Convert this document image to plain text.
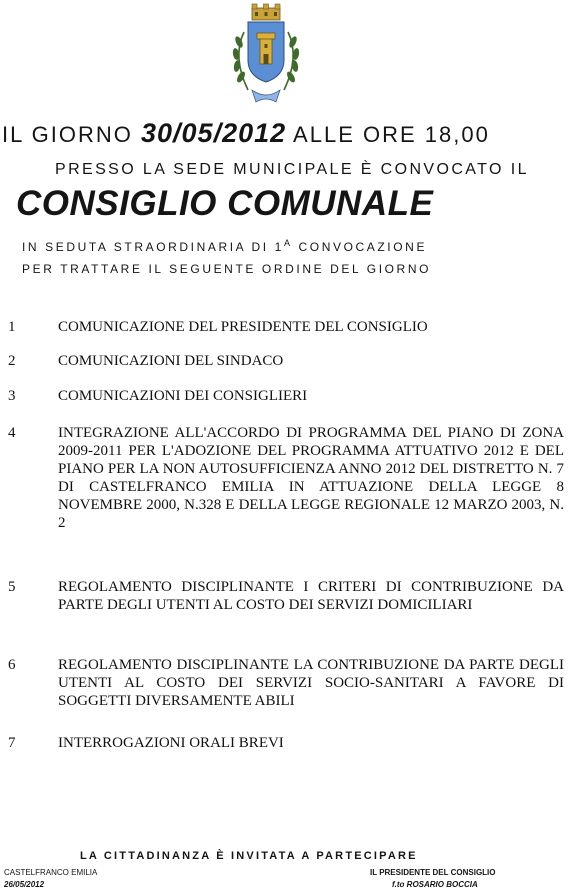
IL GIORNO 30/05/2012 ALLE ORE 18,00
PRESSO LA SEDE MUNICIPALE È CONVOCATO IL
CONSIGLIO COMUNALE
IN SEDUTA STRAORDINARIA DI $1^A$ CONVOCAZIONE
PER TRATTARE IL SEGUENTE ORDINE DEL GIORNO
1	COMUNICAZIONE DEL PRESIDENTE DEL CONSIGLIO
2	COMUNICAZIONI DEL SINDACO
3	COMUNICAZIONI DEI CONSIGLIERI
4	INTEGRAZIONE ALL'ACCORDO DI PROGRAMMA DEL PIANO DI ZONA 2009-2011 PER L'ADOZIONE DEL PROGRAMMA ATTUATIVO 2012 E DEL PIANO PER LA NON AUTOSUFFICIENZA ANNO 2012 DEL DISTRETTO N. 7 DI CASTELFRANCO EMILIA IN ATTUAZIONE DELLA LEGGE 8 NOVEMBRE 2000, N.328 E DELLA LEGGE REGIONALE 12 MARZO 2003, N. 2
5	REGOLAMENTO DISCIPLINANTE I CRITERI DI CONTRIBUZIONE DA PARTE DEGLI UTENTI AL COSTO DEI SERVIZI DOMICILIARI
6	REGOLAMENTO DISCIPLINANTE LA CONTRIBUZIONE DA PARTE DEGLI UTENTI AL COSTO DEI SERVIZI SOCIO-SANITARI A FAVORE DI SOGGETTI DIVERSAMENTE ABILI
7	INTERROGAZIONI ORALI BREVI
LA CITTADINANZA È INVITATA A PARTECIPARE
CASTELFRANCO EMILIA
26/05/2012
IL PRESIDENTE DEL CONSIGLIO
f.to ROSARIO BOCCIA
